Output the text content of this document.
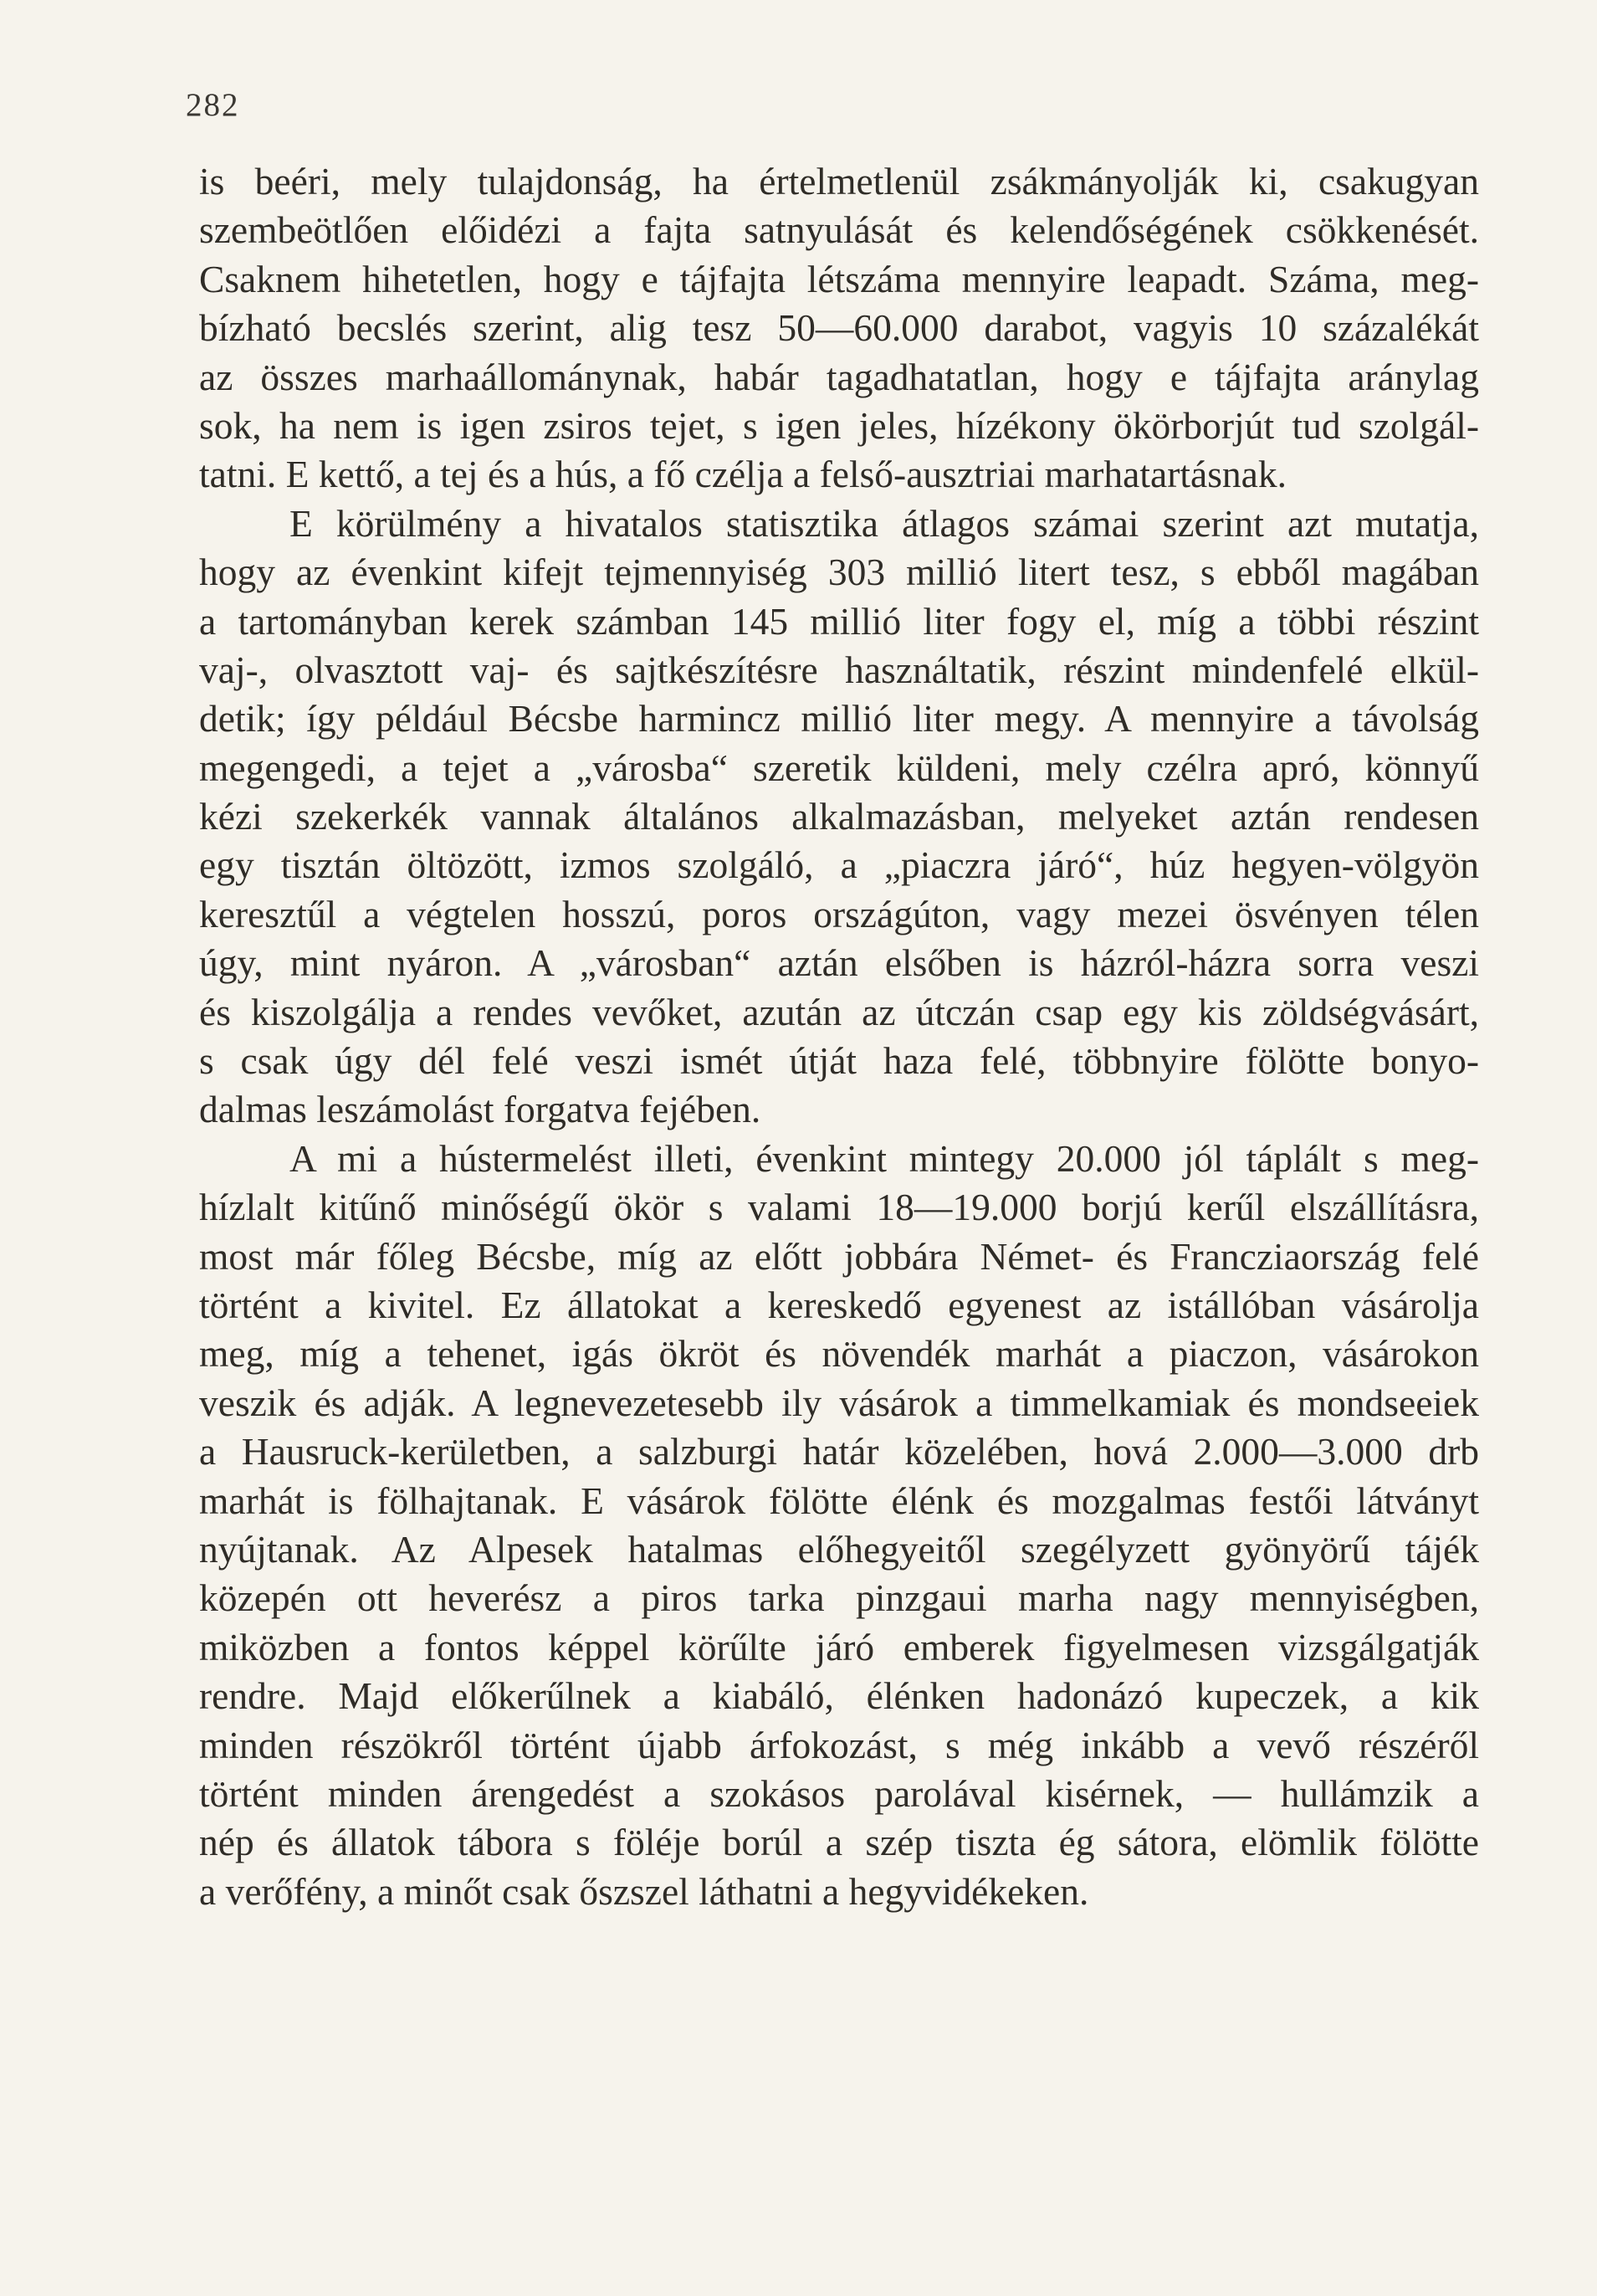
282

is beéri, mely tulajdonság, ha értelmetlenül zsákmányolják ki, csakugyan
szembeötlően előidézi a fajta satnyulását és kelendőségének csökkenését.
Csaknem hihetetlen, hogy e tájfajta létszáma mennyire leapadt. Száma, meg-
bízható becslés szerint, alig tesz 50—60.000 darabot, vagyis 10 százalékát
az összes marhaállománynak, habár tagadhatatlan, hogy e tájfajta aránylag
sok, ha nem is igen zsiros tejet, s igen jeles, hízékony ökörborjút tud szolgál-
tatni. E kettő, a tej és a hús, a fő czélja a felső-ausztriai marhatartásnak.
E körülmény a hivatalos statisztika átlagos számai szerint azt mutatja,
hogy az évenkint kifejt tejmennyiség 303 millió litert tesz, s ebből magában
a tartományban kerek számban 145 millió liter fogy el, míg a többi részint
vaj-, olvasztott vaj- és sajtkészítésre használtatik, részint mindenfelé elkül-
detik; így például Bécsbe harmincz millió liter megy. A mennyire a távolság
megengedi, a tejet a „városba“ szeretik küldeni, mely czélra apró, könnyű
kézi szekerkék vannak általános alkalmazásban, melyeket aztán rendesen
egy tisztán öltözött, izmos szolgáló, a „piaczra járó“, húz hegyen-völgyön
keresztűl a végtelen hosszú, poros országúton, vagy mezei ösvényen télen
úgy, mint nyáron. A „városban“ aztán elsőben is házról-házra sorra veszi
és kiszolgálja a rendes vevőket, azután az útczán csap egy kis zöldségvásárt,
s csak úgy dél felé veszi ismét útját haza felé, többnyire fölötte bonyo-
dalmas leszámolást forgatva fejében.
A mi a hústermelést illeti, évenkint mintegy 20.000 jól táplált s meg-
hízlalt kitűnő minőségű ökör s valami 18—19.000 borjú kerűl elszállításra,
most már főleg Bécsbe, míg az előtt jobbára Német- és Francziaország felé
történt a kivitel. Ez állatokat a kereskedő egyenest az istállóban vásárolja
meg, míg a tehenet, igás ökröt és növendék marhát a piaczon, vásárokon
veszik és adják. A legnevezetesebb ily vásárok a timmelkamiak és mondseeiek
a Hausruck-kerületben, a salzburgi határ közelében, hová 2.000—3.000 drb
marhát is fölhajtanak. E vásárok fölötte élénk és mozgalmas festői látványt
nyújtanak. Az Alpesek hatalmas előhegyeitől szegélyzett gyönyörű tájék
közepén ott heverész a piros tarka pinzgaui marha nagy mennyiségben,
miközben a fontos képpel körűlte járó emberek figyelmesen vizsgálgatják
rendre. Majd előkerűlnek a kiabáló, élénken hadonázó kupeczek, a kik
minden részökről történt újabb árfokozást, s még inkább a vevő részéről
történt minden árengedést a szokásos parolával kisérnek, — hullámzik a
nép és állatok tábora s föléje borúl a szép tiszta ég sátora, elömlik fölötte
a verőfény, a minőt csak őszszel láthatni a hegyvidékeken.
